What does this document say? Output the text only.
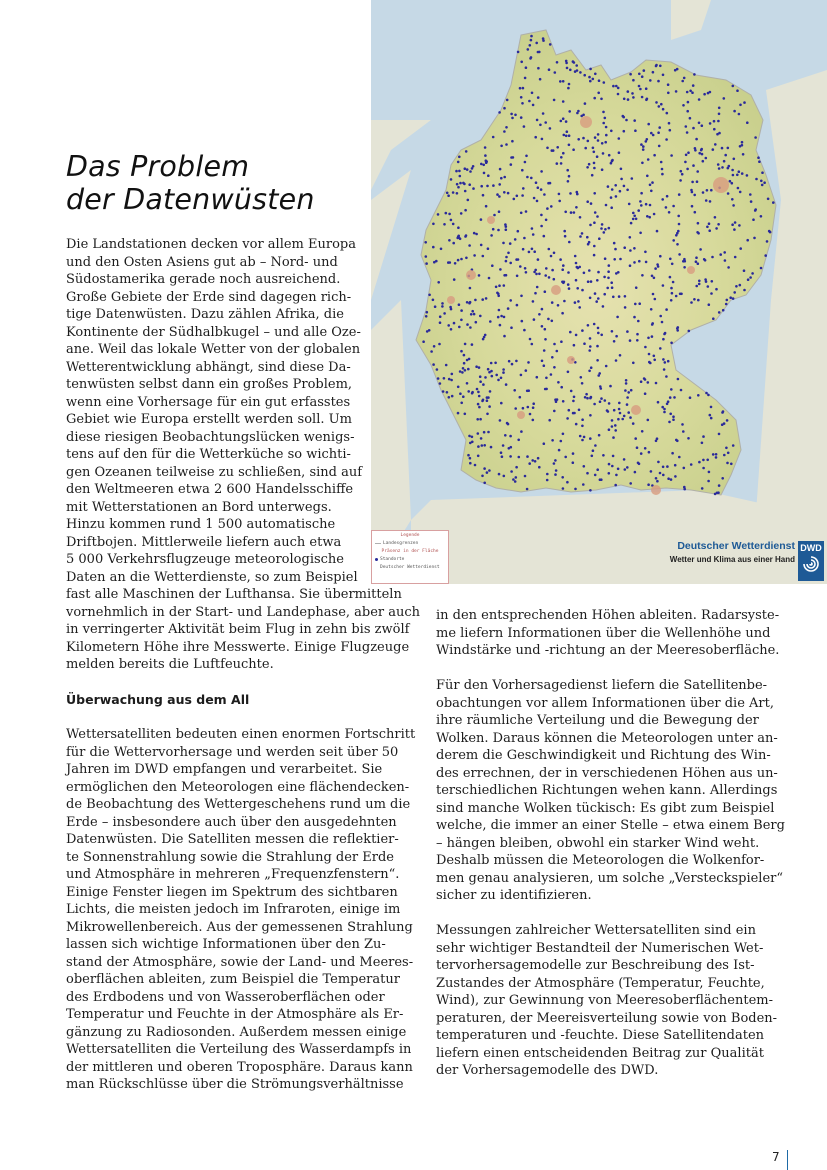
Legende
Landesgrenzen
Präsenz in der Fläche
Standorte
Deutscher Wetterdienst
Deutscher Wetterdienst
Wetter und Klima aus einer Hand
DWD
Das Problem
der Datenwüsten

Die Landstationen decken vor allem Europa

und den Osten Asiens gut ab – Nord- und

Südostamerika gerade noch ausreichend.

Große Gebiete der Erde sind dagegen rich-

tige Datenwüsten. Dazu zählen Afrika, die

Kontinente der Südhalbkugel – und alle Oze-

ane. Weil das lokale Wetter von der globalen

Wetterentwicklung abhängt, sind diese Da-

tenwüsten selbst dann ein großes Problem,

wenn eine Vorhersage für ein gut erfasstes

Gebiet wie Europa erstellt werden soll. Um

diese riesigen Beobachtungslücken wenigs-

tens auf den für die Wetterküche so wichti-

gen Ozeanen teilweise zu schließen, sind auf

den Weltmeeren etwa 2 600 Handelsschiffe

mit Wetterstationen an Bord unterwegs.

Hinzu kommen rund 1 500 automatische

Driftbojen. Mittlerweile liefern auch etwa

5 000 Verkehrsflugzeuge meteorologische

Daten an die Wetterdienste, so zum Beispiel

fast alle Maschinen der Lufthansa. Sie übermitteln

vornehmlich in der Start- und Landephase, aber auch

in verringerter Aktivität beim Flug in zehn bis zwölf

Kilometern Höhe ihre Messwerte. Einige Flugzeuge

melden bereits die Luftfeuchte.

Überwachung aus dem All

Wettersatelliten bedeuten einen enormen Fortschritt

für die Wettervorhersage und werden seit über 50

Jahren im DWD empfangen und verarbeitet. Sie

ermöglichen den Meteorologen eine flächendecken-

de Beobachtung des Wettergeschehens rund um die

Erde – insbesondere auch über den ausgedehnten

Datenwüsten. Die Satelliten messen die reflektier-

te Sonnenstrahlung sowie die Strahlung der Erde

und Atmosphäre in mehreren „Frequenzfenstern“.

Einige Fenster liegen im Spektrum des sichtbaren

Lichts, die meisten jedoch im Infraroten, einige im

Mikrowellenbereich. Aus der gemessenen Strahlung

lassen sich wichtige Informationen über den Zu-

stand der Atmosphäre, sowie der Land- und Meeres-

oberflächen ableiten, zum Beispiel die Temperatur

des Erdbodens und von Wasseroberflächen oder

Temperatur und Feuchte in der Atmosphäre als Er-

gänzung zu Radiosonden. Außerdem messen einige

Wettersatelliten die Verteilung des Wasserdampfs in

der mittleren und oberen Troposphäre. Daraus kann

man Rückschlüsse über die Strömungsverhältnisse

in den entsprechenden Höhen ableiten. Radarsyste-

me liefern Informationen über die Wellenhöhe und

Windstärke und -richtung an der Meeresoberfläche.

Für den Vorhersagedienst liefern die Satellitenbe-

obachtungen vor allem Informationen über die Art,

ihre räumliche Verteilung und die Bewegung der

Wolken. Daraus können die Meteorologen unter an-

derem die Geschwindigkeit und Richtung des Win-

des errechnen, der in verschiedenen Höhen aus un-

terschiedlichen Richtungen wehen kann. Allerdings

sind manche Wolken tückisch: Es gibt zum Beispiel

welche, die immer an einer Stelle – etwa einem Berg

– hängen bleiben, obwohl ein starker Wind weht.

Deshalb müssen die Meteorologen die Wolkenfor-

men genau analysieren, um solche „Versteckspieler“

sicher zu identifizieren.

Messungen zahlreicher Wettersatelliten sind ein

sehr wichtiger Bestandteil der Numerischen Wet-

tervorhersagemodelle zur Beschreibung des Ist-

Zustandes der Atmosphäre (Temperatur, Feuchte,

Wind), zur Gewinnung von Meeresoberflächentem-

peraturen, der Meereisverteilung sowie von Boden-

temperaturen und -feuchte. Diese Satellitendaten

liefern einen entscheidenden Beitrag zur Qualität

der Vorhersagemodelle des DWD.

7
